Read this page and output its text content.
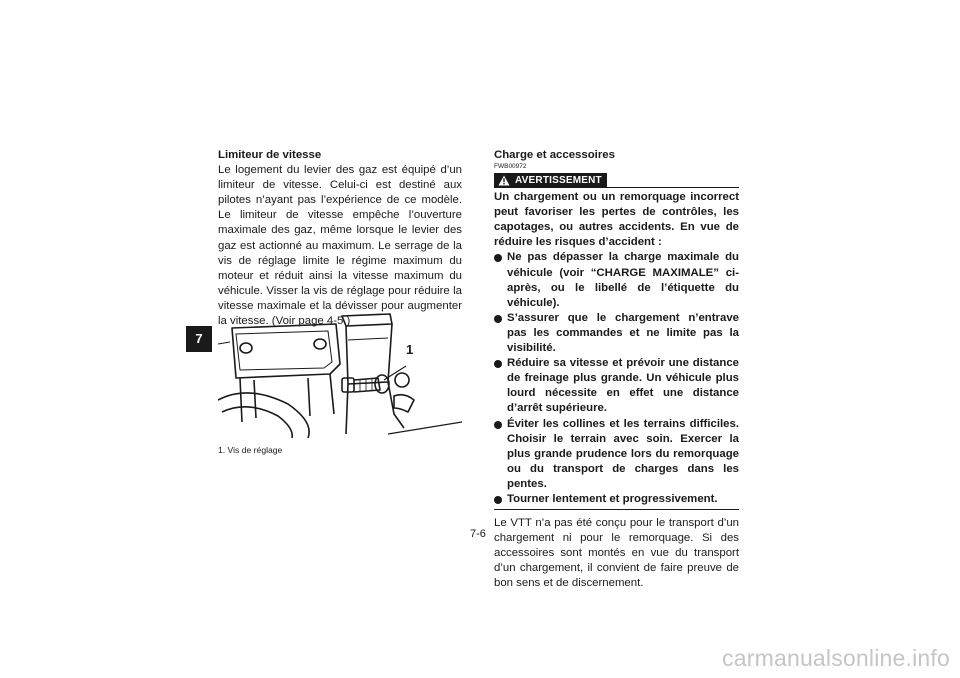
7
Limiteur de vitesse
Le logement du levier des gaz est équipé d’un limiteur de vitesse. Celui-ci est destiné aux pilotes n’ayant pas l’expérience de ce modèle. Le limiteur de vitesse empêche l’ouverture maximale des gaz, même lorsque le levier des gaz est actionné au maximum. Le serrage de la vis de réglage limite le régime maximum du moteur et réduit ainsi la vitesse maximum du véhicule. Visser la vis de réglage pour réduire la vitesse maximale et la dévisser pour augmenter la vitesse. (Voir page 4-5.)
1
1. Vis de réglage
Charge et accessoires
FWB00972
AVERTISSEMENT
Un chargement ou un remorquage incorrect peut favoriser les pertes de contrôles, les capotages, ou autres accidents. En vue de réduire les risques d’accident :
Ne pas dépasser la charge maximale du véhicule (voir “CHARGE MAXIMALE” ci-après, ou le libellé de l’étiquette du véhicule).
S’assurer que le chargement n’entrave pas les commandes et ne limite pas la visibilité.
Réduire sa vitesse et prévoir une distance de freinage plus grande. Un véhicule plus lourd nécessite en effet une distance d’arrêt supérieure.
Éviter les collines et les terrains difficiles. Choisir le terrain avec soin. Exercer la plus grande prudence lors du remorquage ou du transport de charges dans les pentes.
Tourner lentement et progressivement.
Le VTT n’a pas été conçu pour le transport d’un chargement ni pour le remorquage. Si des accessoires sont montés en vue du transport d’un chargement, il convient de faire preuve de bon sens et de discernement.
7-6
carmanualsonline.info
